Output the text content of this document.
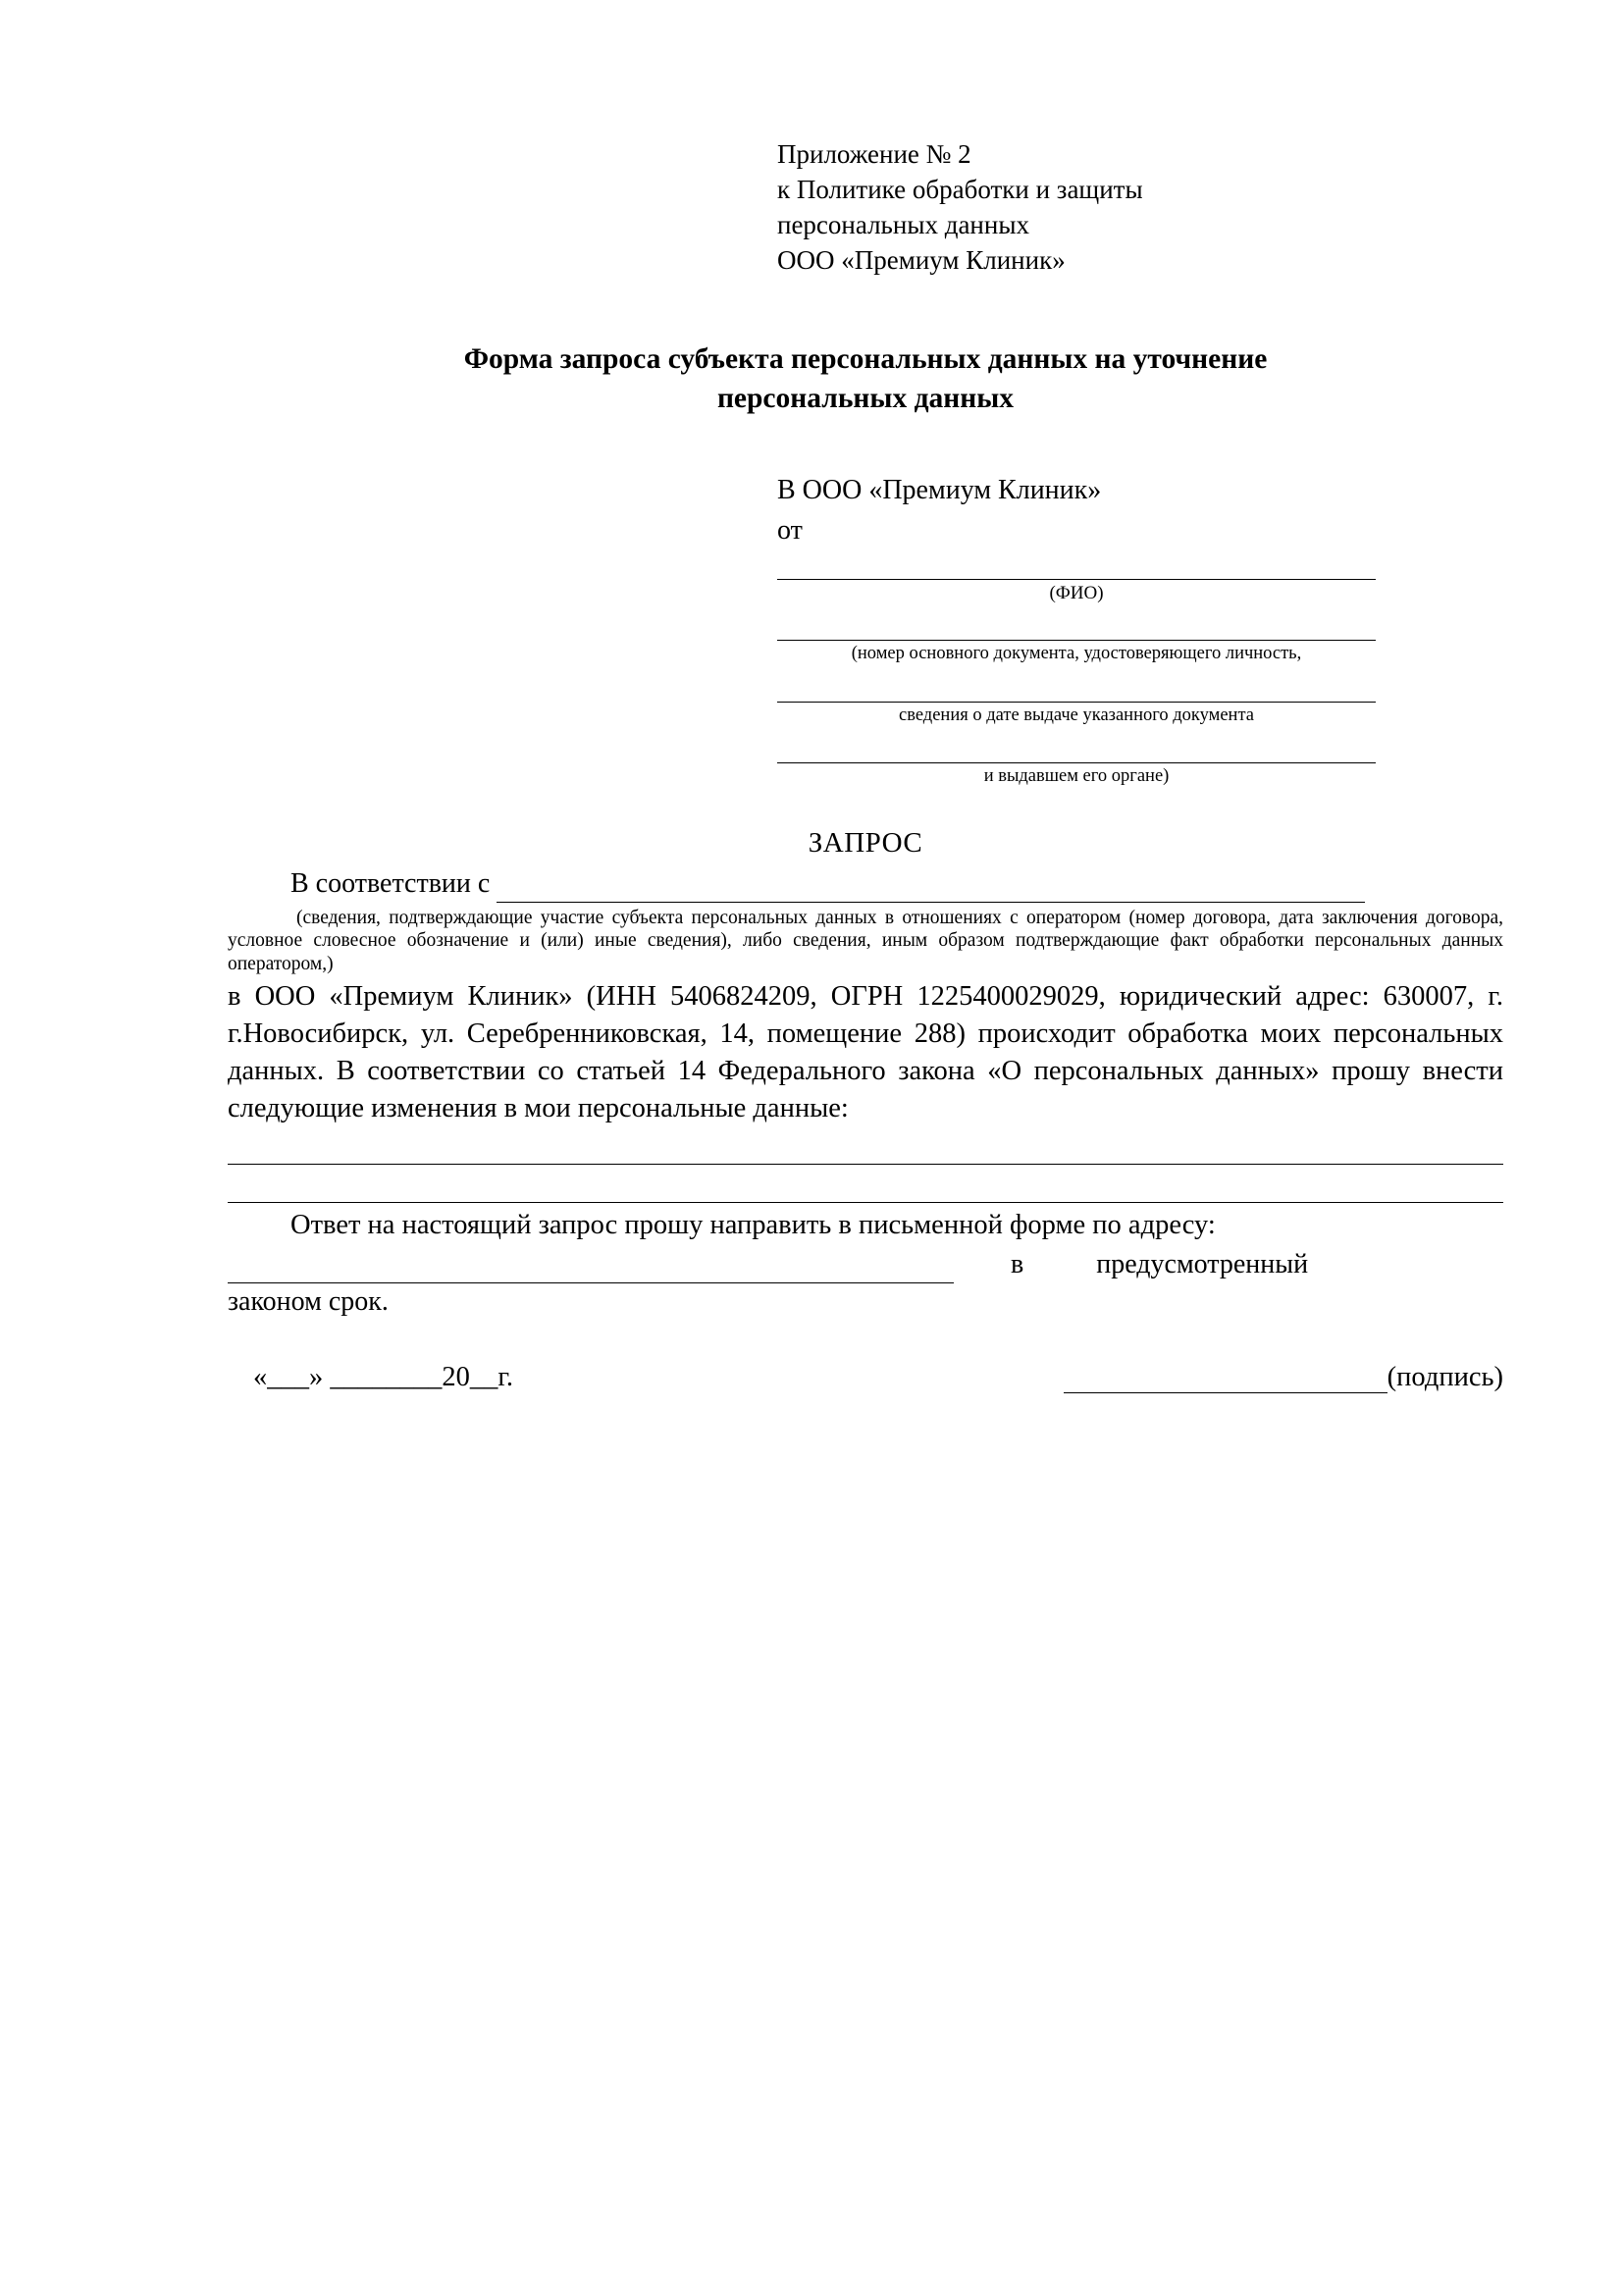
Приложение № 2
к Политике обработки и защиты
персональных данных
ООО «Премиум Клиник»
Форма запроса субъекта персональных данных на уточнение
персональных данных
В ООО «Премиум Клиник»
от
(ФИО)
(номер основного документа, удостоверяющего личность,
сведения о дате выдаче указанного документа
и выдавшем его органе)
ЗАПРОС
В соответствии с
(сведения, подтверждающие участие субъекта персональных данных в отношениях с оператором (номер договора, дата заключения договора, условное словесное обозначение и (или) иные сведения), либо сведения, иным образом подтверждающие факт обработки персональных данных оператором,)
в ООО «Премиум Клиник» (ИНН 5406824209, ОГРН 1225400029029, юридический адрес: 630007, г. г.Новосибирск, ул. Серебренниковская, 14, помещение 288) происходит обработка моих персональных данных. В соответствии со статьей 14 Федерального закона «О персональных данных» прошу внести следующие изменения в мои персональные данные:
Ответ на настоящий запрос прошу направить в письменной форме по адресу:
в	предусмотренный
законом срок.
«___» ________20__г.	(подпись)
